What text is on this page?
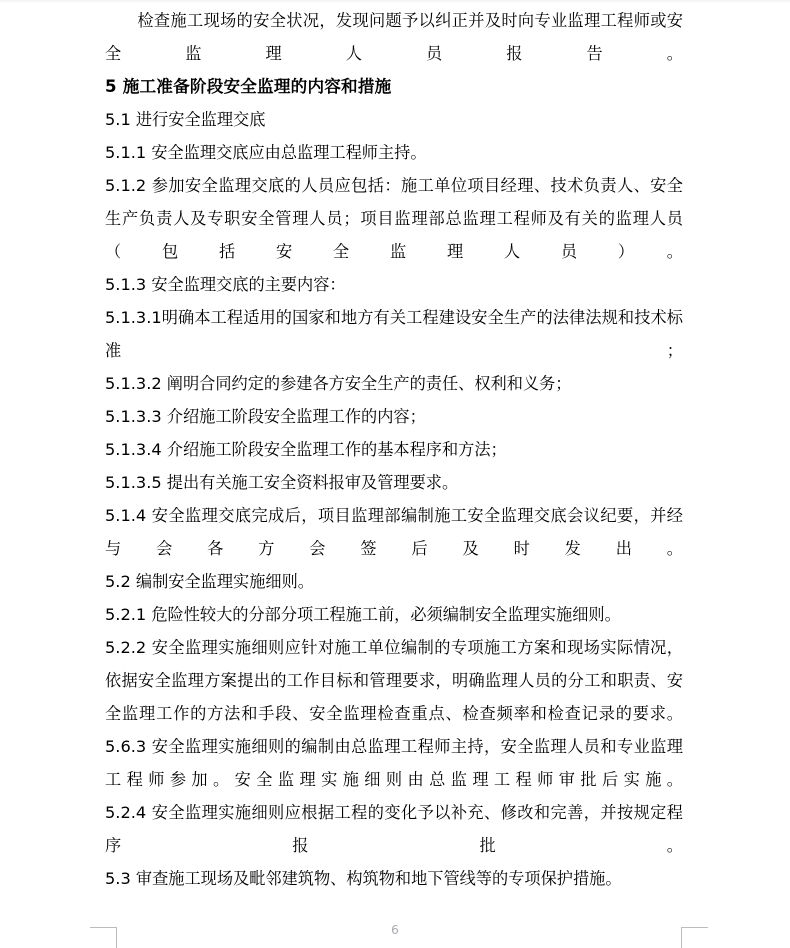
检查施工现场的安全状况，发现问题予以纠正并及时向专业监理工程师或安全监理人员报告。
5 施工准备阶段安全监理的内容和措施
5.1 进行安全监理交底
5.1.1 安全监理交底应由总监理工程师主持。
5.1.2 参加安全监理交底的人员应包括：施工单位项目经理、技术负责人、安全生产负责人及专职安全管理人员；项目监理部总监理工程师及有关的监理人员（包括安全监理人员）。
5.1.3 安全监理交底的主要内容：
5.1.3.1明确本工程适用的国家和地方有关工程建设安全生产的法律法规和技术标准；
5.1.3.2 阐明合同约定的参建各方安全生产的责任、权利和义务；
5.1.3.3 介绍施工阶段安全监理工作的内容；
5.1.3.4 介绍施工阶段安全监理工作的基本程序和方法；
5.1.3.5 提出有关施工安全资料报审及管理要求。
5.1.4 安全监理交底完成后，项目监理部编制施工安全监理交底会议纪要，并经与会各方会签后及时发出。
5.2 编制安全监理实施细则。
5.2.1 危险性较大的分部分项工程施工前，必须编制安全监理实施细则。
5.2.2 安全监理实施细则应针对施工单位编制的专项施工方案和现场实际情况，依据安全监理方案提出的工作目标和管理要求，明确监理人员的分工和职责、安全监理工作的方法和手段、安全监理检查重点、检查频率和检查记录的要求。
5.6.3 安全监理实施细则的编制由总监理工程师主持，安全监理人员和专业监理工程师参加。安全监理实施细则由总监理工程师审批后实施。
5.2.4 安全监理实施细则应根据工程的变化予以补充、修改和完善，并按规定程序报批。
5.3 审查施工现场及毗邻建筑物、构筑物和地下管线等的专项保护措施。
6
